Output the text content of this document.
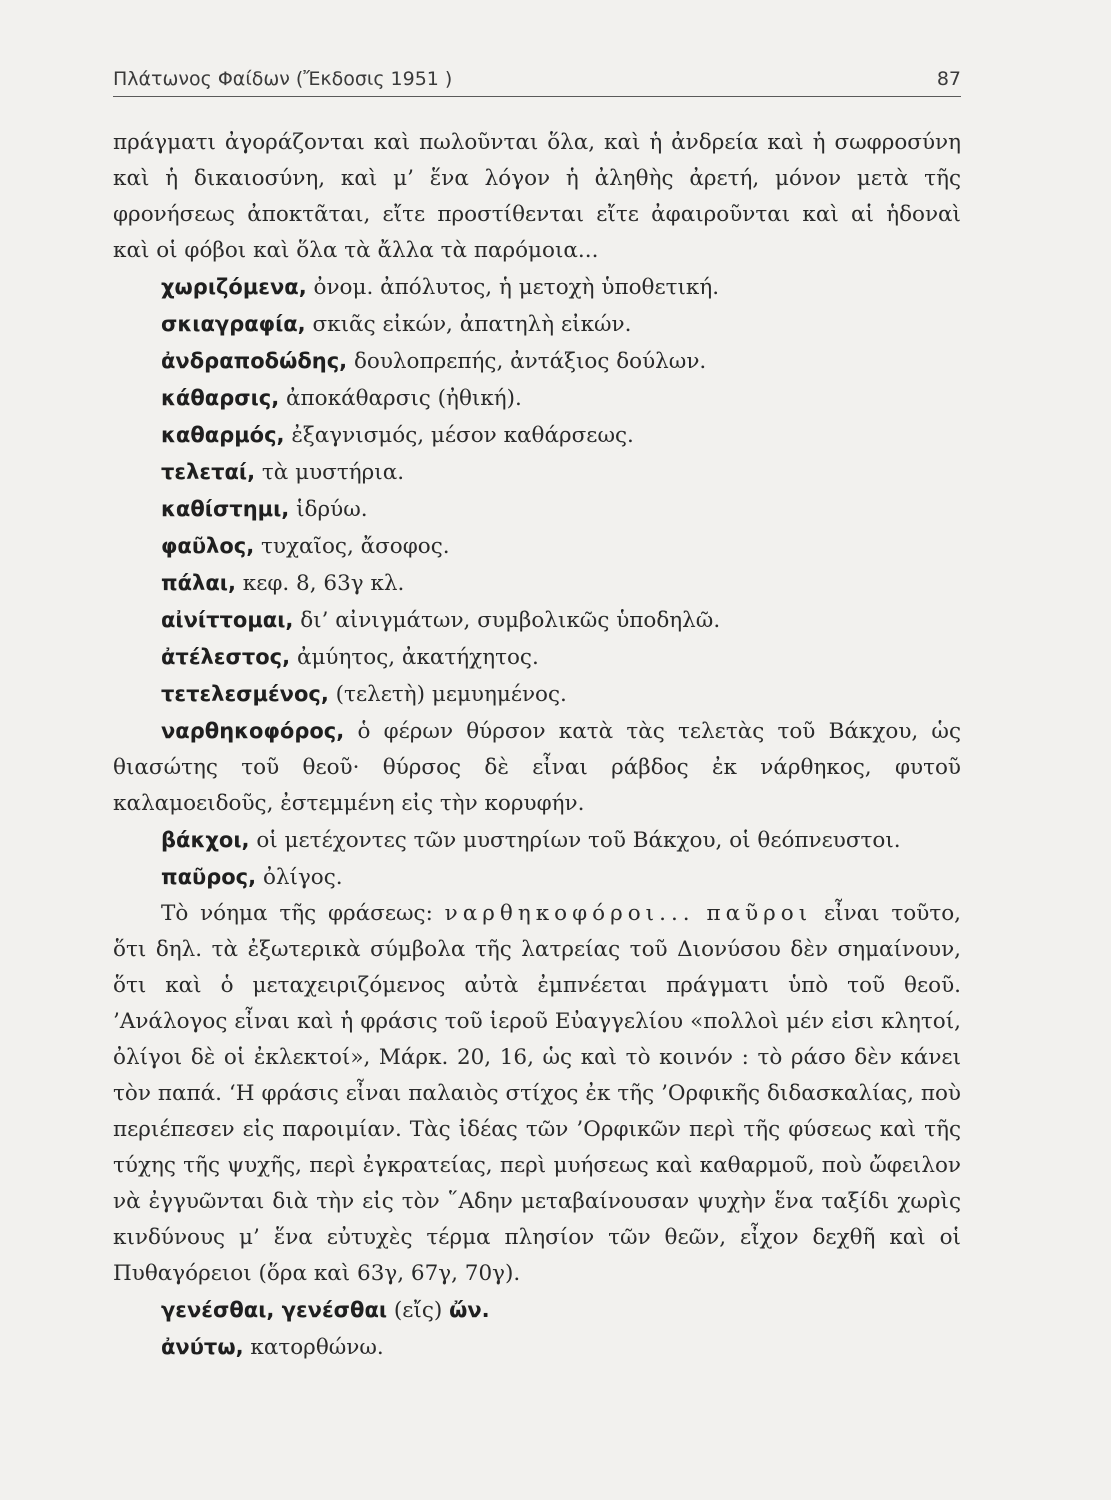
Πλάτωνος Φαίδων (Ἔκδοσις 1951 )	87

πράγματι ἀγοράζονται καὶ πωλοῦνται ὅλα, καὶ ἡ ἀνδρεία καὶ ἡ σωφροσύνη καὶ ἡ δικαιοσύνη, καὶ μ’ ἕνα λόγον ἡ ἀληθὴς ἀρετή, μόνον μετὰ τῆς φρονήσεως ἀποκτᾶται, εἴτε προστίθενται εἴτε ἀφαιροῦνται καὶ αἱ ἡδοναὶ καὶ οἱ φόβοι καὶ ὅλα τὰ ἄλλα τὰ παρόμοια...

χωριζόμενα, ὀνομ. ἀπόλυτος, ἡ μετοχὴ ὑποθετική.

σκιαγραφία, σκιᾶς εἰκών, ἀπατηλὴ εἰκών.

ἀνδραποδώδης, δουλοπρεπής, ἀντάξιος δούλων.

κάθαρσις, ἀποκάθαρσις (ἠθική).

καθαρμός, ἐξαγνισμός, μέσον καθάρσεως.

τελεταί, τὰ μυστήρια.

καθίστημι, ἱδρύω.

φαῦλος, τυχαῖος, ἄσοφος.

πάλαι, κεφ. 8, 63γ κλ.

αἰνίττομαι, δι’ αἰνιγμάτων, συμβολικῶς ὑποδηλῶ.

ἀτέλεστος, ἀμύητος, ἀκατήχητος.

τετελεσμένος, (τελετὴ) μεμυημένος.

ναρθηκοφόρος, ὁ φέρων θύρσον κατὰ τὰς τελετὰς τοῦ Βάκχου, ὡς θιασώτης τοῦ θεοῦ· θύρσος δὲ εἶναι ράβδος ἐκ νάρθηκος, φυτοῦ καλαμοειδοῦς, ἐστεμμένη εἰς τὴν κορυφήν.

βάκχοι, οἱ μετέχοντες τῶν μυστηρίων τοῦ Βάκχου, οἱ θεόπνευστοι.

παῦρος, ὀλίγος.

Τὸ νόημα τῆς φράσεως: ναρθηκοφόροι... παῦροι εἶναι τοῦτο, ὅτι δηλ. τὰ ἐξωτερικὰ σύμβολα τῆς λατρείας τοῦ Διονύσου δὲν σημαίνουν, ὅτι καὶ ὁ μεταχειριζόμενος αὐτὰ ἐμπνέεται πράγματι ὑπὸ τοῦ θεοῦ. ’Ανάλογος εἶναι καὶ ἡ φράσις τοῦ ἱεροῦ Εὐαγγελίου «πολλοὶ μέν εἰσι κλητοί, ὀλίγοι δὲ οἱ ἐκλεκτοί», Μάρκ. 20, 16, ὡς καὶ τὸ κοινόν : τὸ ράσο δὲν κάνει τὸν παπά. ‘Η φράσις εἶναι παλαιὸς στίχος ἐκ τῆς ’Ορφικῆς διδασκαλίας, ποὺ περιέπεσεν εἰς παροιμίαν. Τὰς ἰδέας τῶν ’Ορφικῶν περὶ τῆς φύσεως καὶ τῆς τύχης τῆς ψυχῆς, περὶ ἐγκρατείας, περὶ μυήσεως καὶ καθαρμοῦ, ποὺ ὤφειλον νὰ ἐγγυῶνται διὰ τὴν εἰς τὸν ῞Αδην μεταβαίνουσαν ψυχὴν ἕνα ταξίδι χωρὶς κινδύνους μ’ ἕνα εὐτυχὲς τέρμα πλησίον τῶν θεῶν, εἶχον δεχθῆ καὶ οἱ Πυθαγόρειοι (ὅρα καὶ 63γ, 67γ, 70γ).

γενέσθαι, γενέσθαι (εἴς) ὤν.

ἀνύτω, κατορθώνω.
